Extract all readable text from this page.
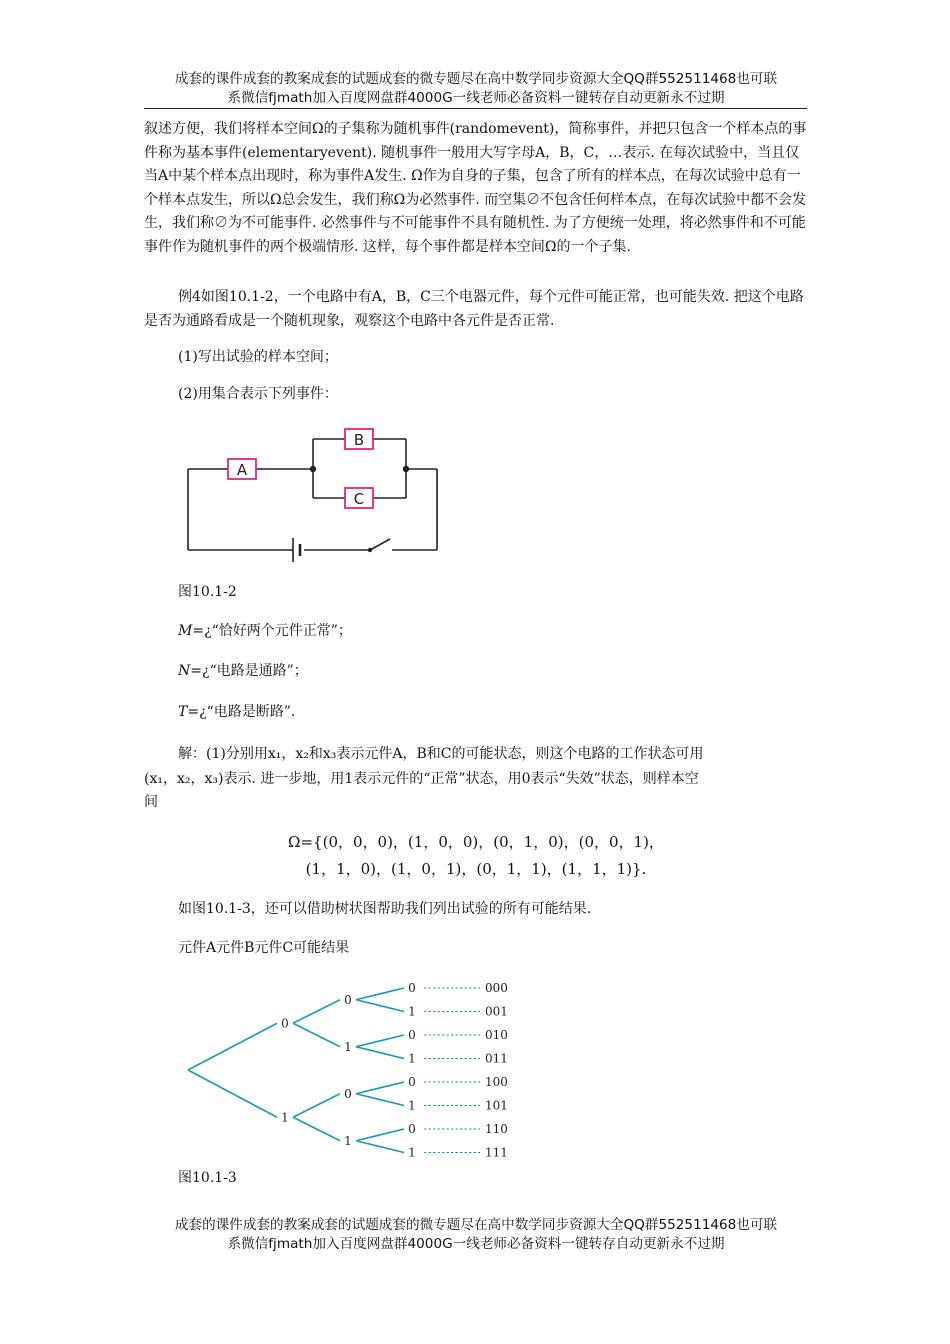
成套的课件成套的教案成套的试题成套的微专题尽在高中数学同步资源大全QQ群552511468也可联
系微信fjmath加入百度网盘群4000G一线老师必备资料一键转存自动更新永不过期

叙述方便，我们将样本空间Ω的子集称为随机事件(randomevent)，简称事件，并把只包含一个样本点的事件称为基本事件(elementaryevent). 随机事件一般用大写字母A，B，C，…表示. 在每次试验中，当且仅当A中某个样本点出现时，称为事件A发生. Ω作为自身的子集，包含了所有的样本点，在每次试验中总有一个样本点发生，所以Ω总会发生，我们称Ω为必然事件. 而空集∅不包含任何样本点，在每次试验中都不会发生，我们称∅为不可能事件. 必然事件与不可能事件不具有随机性. 为了方便统一处理，将必然事件和不可能事件作为随机事件的两个极端情形. 这样，每个事件都是样本空间Ω的一个子集.

例4如图10.1-2，一个电路中有A，B，C三个电器元件，每个元件可能正常，也可能失效. 把这个电路是否为通路看成是一个随机现象，观察这个电路中各元件是否正常.

(1)写出试验的样本空间；

(2)用集合表示下列事件：

A
B
C

图10.1-2

M=¿“恰好两个元件正常”；

N=¿“电路是通路”；

T=¿“电路是断路”.

解：(1)分别用x₁，x₂和x₃表示元件A，B和C的可能状态，则这个电路的工作状态可用

(x₁，x₂，x₃)表示. 进一步地，用1表示元件的“正常”状态，用0表示“失效”状态，则样本空

间

Ω={(0，0，0)，(1，0，0)，(0，1，0)，(0，0，1)，

(1，1，0)，(1，0，1)，(0，1，1)，(1，1，1)}.

如图10.1-3，还可以借助树状图帮助我们列出试验的所有可能结果.

元件A元件B元件C可能结果

0
0
0	000
1	001
1
0	010
1	011
1
0
0	100
1	101
1
0	110
1	111

图10.1-3

成套的课件成套的教案成套的试题成套的微专题尽在高中数学同步资源大全QQ群552511468也可联
系微信fjmath加入百度网盘群4000G一线老师必备资料一键转存自动更新永不过期
